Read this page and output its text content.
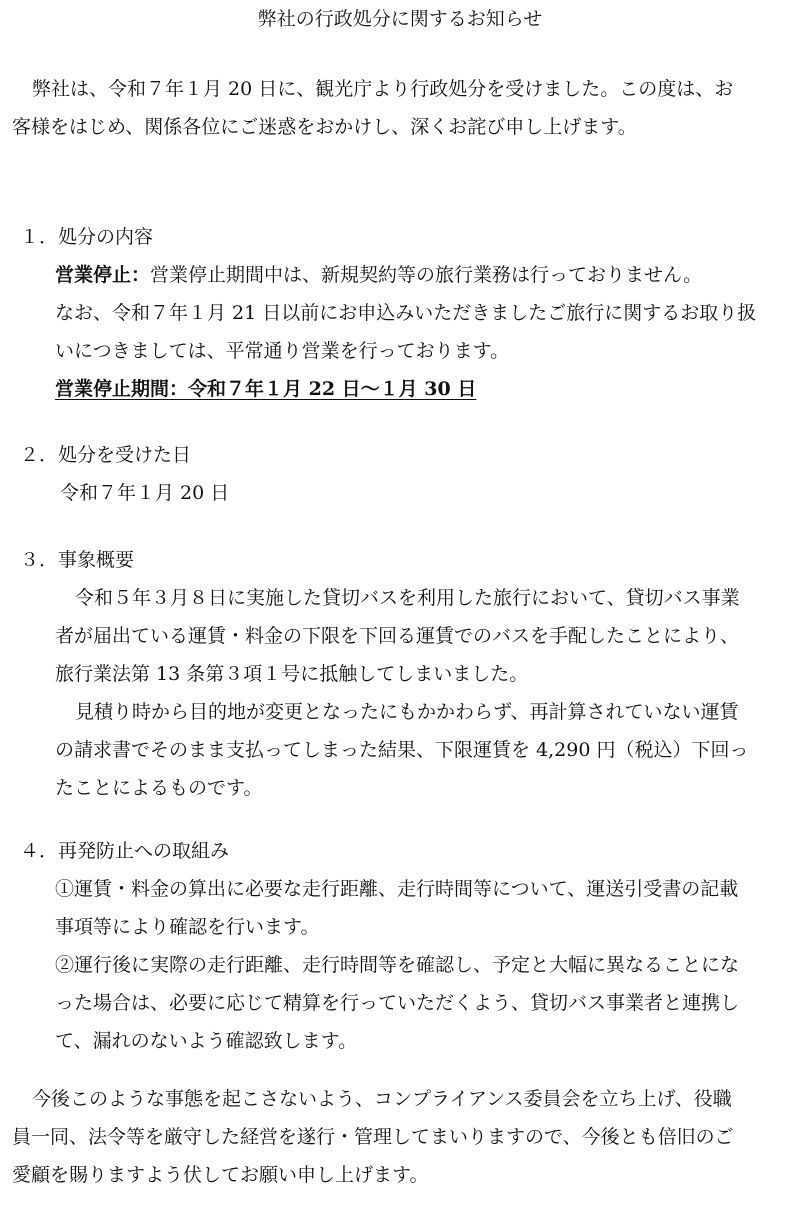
弊社の行政処分に関するお知らせ
弊社は、令和７年１月 20 日に、観光庁より行政処分を受けました。この度は、お
客様をはじめ、関係各位にご迷惑をおかけし、深くお詫び申し上げます。
１．処分の内容
営業停止：営業停止期間中は、新規契約等の旅行業務は行っておりません。
なお、令和７年１月 21 日以前にお申込みいただきましたご旅行に関するお取り扱
いにつきましては、平常通り営業を行っております。
営業停止期間：令和７年１月 22 日～１月 30 日
２．処分を受けた日
令和７年１月 20 日
３．事象概要
令和５年３月８日に実施した貸切バスを利用した旅行において、貸切バス事業
者が届出ている運賃・料金の下限を下回る運賃でのバスを手配したことにより、
旅行業法第 13 条第３項１号に抵触してしまいました。
見積り時から目的地が変更となったにもかかわらず、再計算されていない運賃
の請求書でそのまま支払ってしまった結果、下限運賃を 4,290 円（税込）下回っ
たことによるものです。
４．再発防止への取組み
①運賃・料金の算出に必要な走行距離、走行時間等について、運送引受書の記載
事項等により確認を行います。
②運行後に実際の走行距離、走行時間等を確認し、予定と大幅に異なることにな
った場合は、必要に応じて精算を行っていただくよう、貸切バス事業者と連携し
て、漏れのないよう確認致します。
今後このような事態を起こさないよう、コンプライアンス委員会を立ち上げ、役職
員一同、法令等を厳守した経営を遂行・管理してまいりますので、今後とも倍旧のご
愛顧を賜りますよう伏してお願い申し上げます。
